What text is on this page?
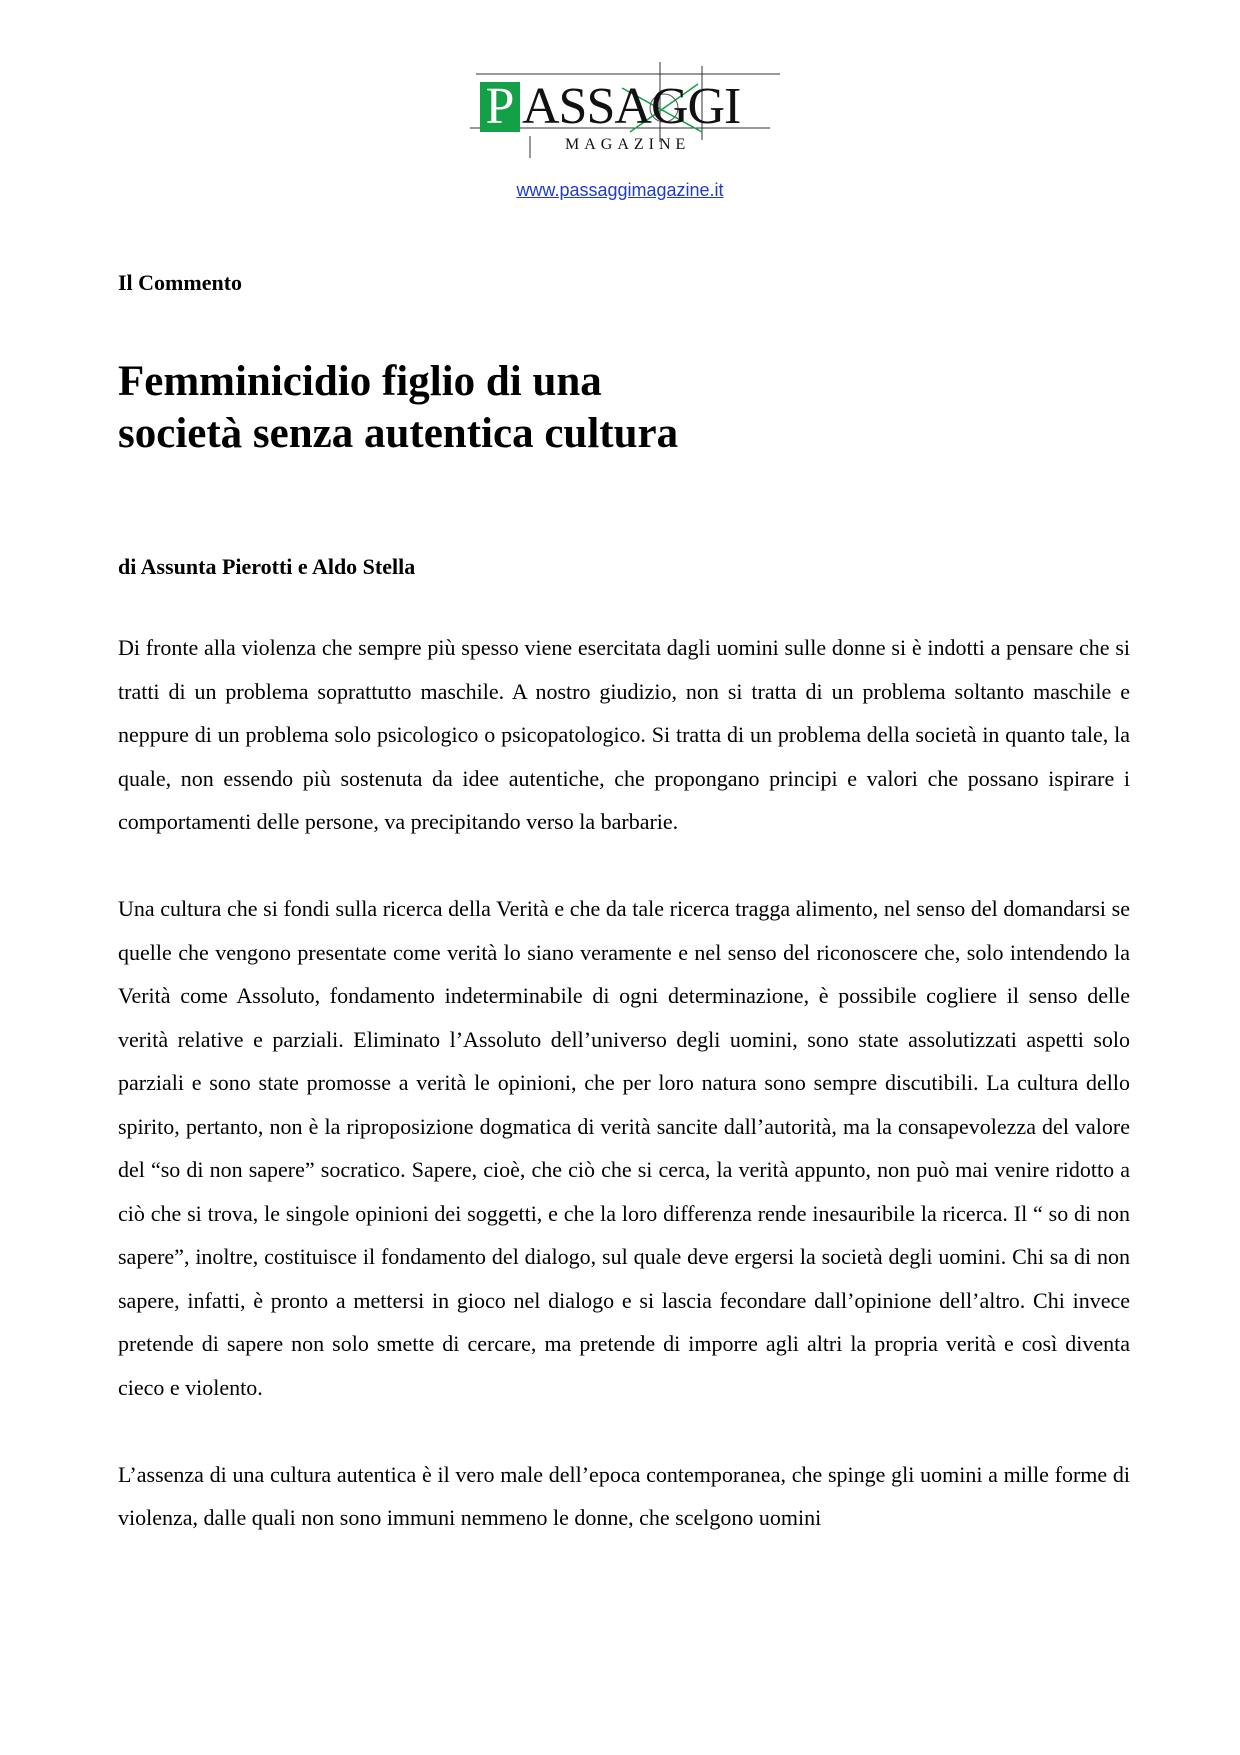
P ASSAGGI
MAGAZINE
www.passaggimagazine.it
Il Commento
Femminicidio figlio di una
società senza autentica cultura
di Assunta Pierotti e Aldo Stella

Di fronte alla violenza che sempre più spesso viene esercitata dagli uomini sulle donne si è indotti a pensare che si tratti di un problema soprattutto maschile. A nostro giudizio, non si tratta di un problema soltanto maschile e neppure di un problema solo psicologico o psicopatologico. Si tratta di un problema della società in quanto tale, la quale, non essendo più sostenuta da idee autentiche, che propongano principi e valori che possano ispirare i comportamenti delle persone, va precipitando verso la barbarie.

Una cultura che si fondi sulla ricerca della Verità e che da tale ricerca tragga alimento, nel senso del domandarsi se quelle che vengono presentate come verità lo siano veramente e nel senso del riconoscere che, solo intendendo la Verità come Assoluto, fondamento indeterminabile di ogni determinazione, è possibile cogliere il senso delle verità relative e parziali. Eliminato l’Assoluto dell’universo degli uomini, sono state assolutizzati aspetti solo parziali e sono state promosse a verità le opinioni, che per loro natura sono sempre discutibili. La cultura dello spirito, pertanto, non è la riproposizione dogmatica di verità sancite dall’autorità, ma la consapevolezza del valore del “so di non sapere” socratico. Sapere, cioè, che ciò che si cerca, la verità appunto, non può mai venire ridotto a ciò che si trova, le singole opinioni dei soggetti, e che la loro differenza rende inesauribile la ricerca. Il “ so di non sapere”, inoltre, costituisce il fondamento del dialogo, sul quale deve ergersi la società degli uomini. Chi sa di non sapere, infatti, è pronto a mettersi in gioco nel dialogo e si lascia fecondare dall’opinione dell’altro. Chi invece pretende di sapere non solo smette di cercare, ma pretende di imporre agli altri la propria verità e così diventa cieco e violento.

L’assenza di una cultura autentica è il vero male dell’epoca contemporanea, che spinge gli uomini a mille forme di violenza, dalle quali non sono immuni nemmeno le donne, che scelgono uomini
